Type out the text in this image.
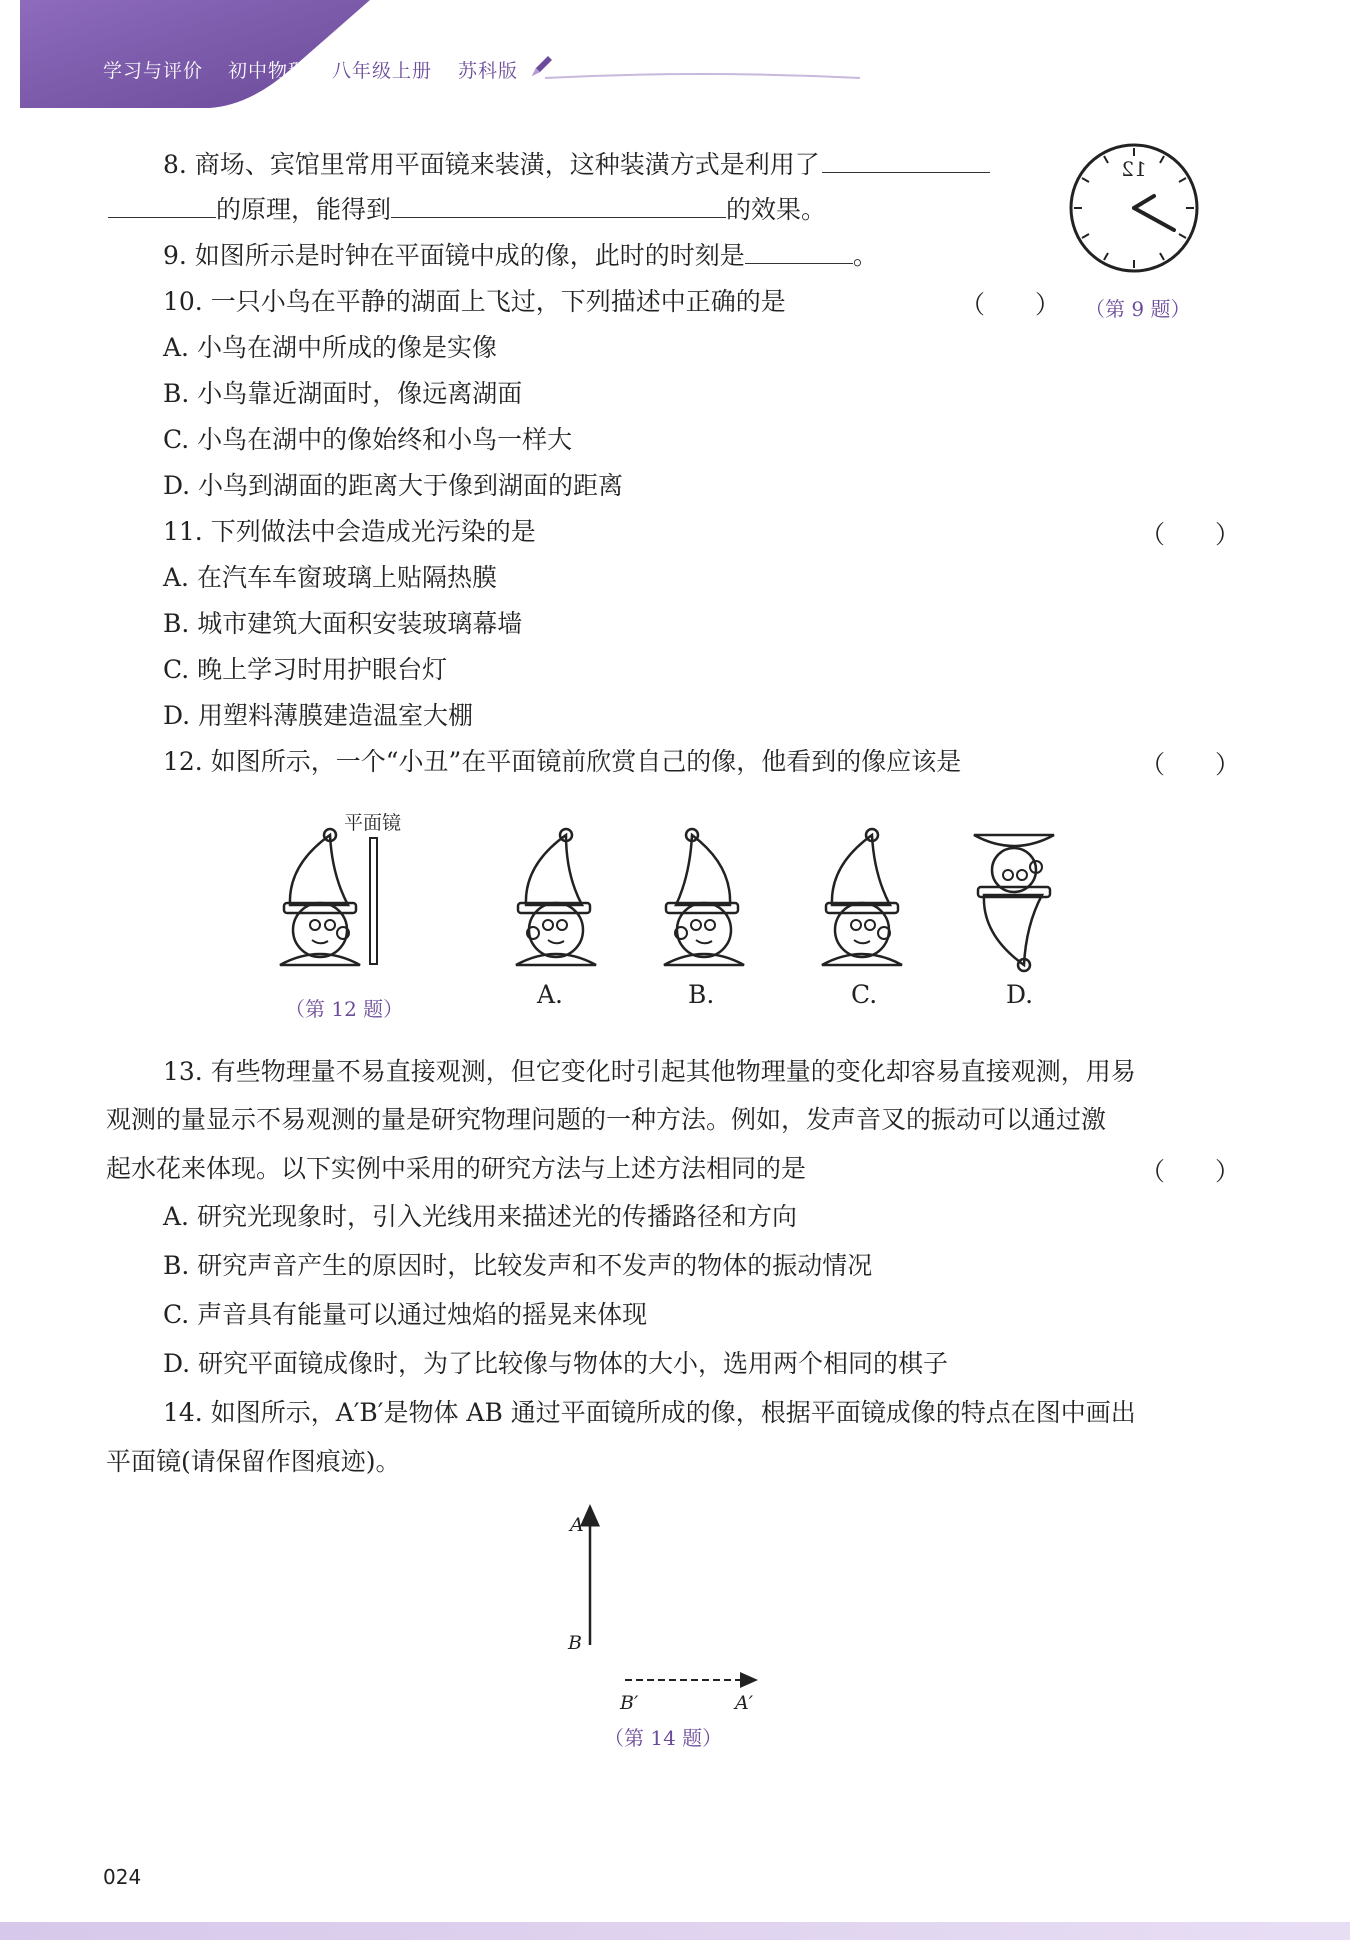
学习与评价 初中物理 八年级上册 苏科版
8. 商场、宾馆里常用平面镜来装潢，这种装潢方式是利用了
的原理，能得到	的效果。
9. 如图所示是时钟在平面镜中成的像，此时的时刻是	。
12
（第 9 题）
10. 一只小鸟在平静的湖面上飞过，下列描述中正确的是	（　　）
A. 小鸟在湖中所成的像是实像
B. 小鸟靠近湖面时，像远离湖面
C. 小鸟在湖中的像始终和小鸟一样大
D. 小鸟到湖面的距离大于像到湖面的距离
11. 下列做法中会造成光污染的是	（　　）
A. 在汽车车窗玻璃上贴隔热膜
B. 城市建筑大面积安装玻璃幕墙
C. 晚上学习时用护眼台灯
D. 用塑料薄膜建造温室大棚
12. 如图所示，一个“小丑”在平面镜前欣赏自己的像，他看到的像应该是	（　　）
平面镜
（第 12 题）	A.	B.	C.	D.
13. 有些物理量不易直接观测，但它变化时引起其他物理量的变化却容易直接观测，用易
观测的量显示不易观测的量是研究物理问题的一种方法。例如，发声音叉的振动可以通过激
起水花来体现。以下实例中采用的研究方法与上述方法相同的是	（　　）
A. 研究光现象时，引入光线用来描述光的传播路径和方向
B. 研究声音产生的原因时，比较发声和不发声的物体的振动情况
C. 声音具有能量可以通过烛焰的摇晃来体现
D. 研究平面镜成像时，为了比较像与物体的大小，选用两个相同的棋子
14. 如图所示，A′B′是物体 AB 通过平面镜所成的像，根据平面镜成像的特点在图中画出
平面镜(请保留作图痕迹)。
A
B
B′	A′
（第 14 题）
024
